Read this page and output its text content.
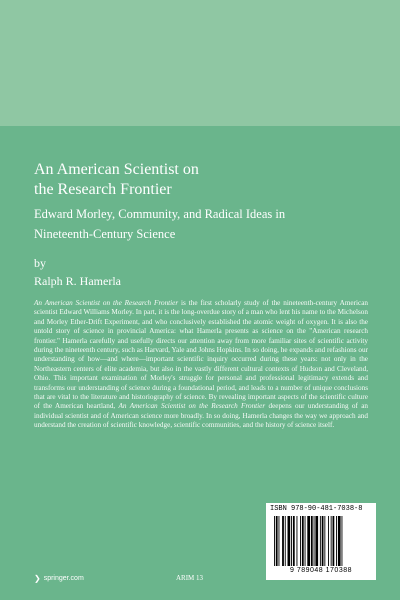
An American Scientist on
the Research Frontier
Edward Morley, Community, and Radical Ideas in
Nineteenth-Century Science
by
Ralph R. Hamerla

An American Scientist on the Research Frontier is the first scholarly study of the nineteenth-century American scientist Edward Williams Morley. In part, it is the long-overdue story of a man who lent his name to the Michelson and Morley Ether-Drift Experiment, and who conclusively established the atomic weight of oxygen. It is also the untold story of science in provincial America: what Hamerla presents as science on the "American research frontier." Hamerla carefully and usefully directs our attention away from more familiar sites of scientific activity during the nineteenth century, such as Harvard, Yale and Johns Hopkins. In so doing, he expands and refashions our understanding of how—and where—important scientific inquiry occurred during these years: not only in the Northeastern centers of elite academia, but also in the vastly different cultural contexts of Hudson and Cleveland, Ohio. This important examination of Morley's struggle for personal and professional legitimacy extends and transforms our understanding of science during a foundational period, and leads to a number of unique conclusions that are vital to the literature and historiography of science. By revealing important aspects of the scientific culture of the American heartland, An American Scientist on the Research Frontier deepens our understanding of an individual scientist and of American science more broadly. In so doing, Hamerla changes the way we approach and understand the creation of scientific knowledge, scientific communities, and the history of science itself.

ISBN 978-90-481-7038-8
9 789048 170388
❯ springer.com	ARIM 13
